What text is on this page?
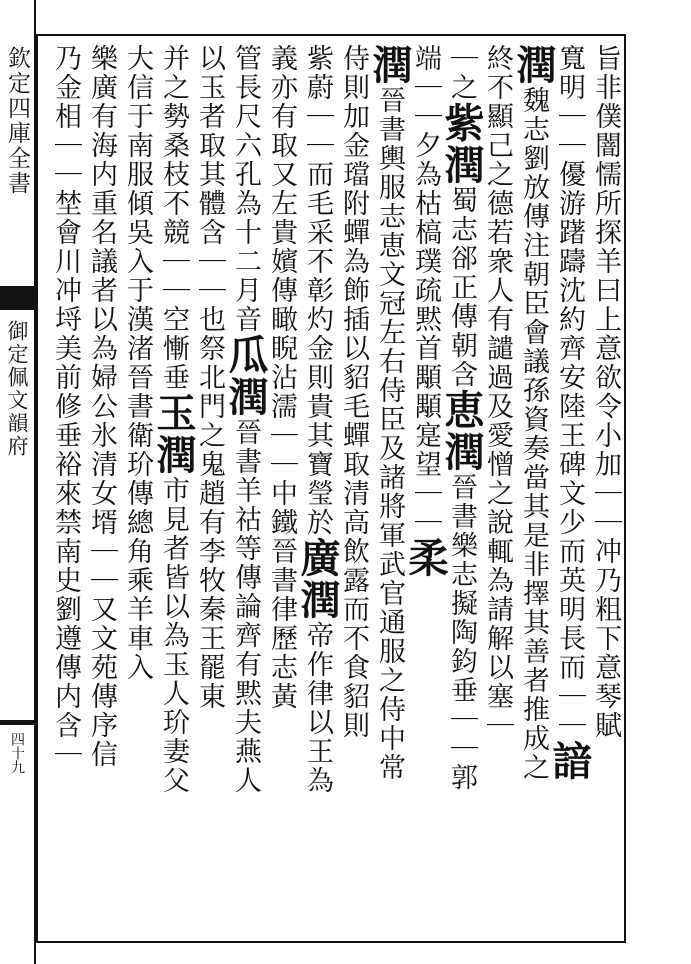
欽定四庫全書
御定佩文韻府
四十九
旨非僕闇懦所探羊曰上意欲令小加｜｜冲乃粗下意琴賦
寬明｜｜優游躇躊沈約齊安陸王碑文少而英明長而｜｜諳
潤魏志劉放傳注朝臣會議孫資奏當其是非擇其善者推成之
終不顯己之德若衆人有譴過及愛憎之說輒為請解以塞｜
｜之紫潤蜀志郤正傳朝含恵潤晉書樂志擬陶鈞垂｜｜郭
端｜｜夕為枯槁璞疏黙首顒顒寔望｜｜柔
潤晉書輿服志恵文冠左右侍臣及諸將軍武官通服之侍中常
侍則加金璫附蟬為飾插以貂毛蟬取清高飲露而不食貂則
紫蔚｜｜而毛采不彰灼金則貴其寶瑩於廣潤帝作律以王為
義亦有取又左貴嬪傳瞰睨沾濡｜｜中鐵晉書律歷志黃
管長尺六孔為十二月音瓜潤晉書羊祜等傳論齊有黙夫燕人
以玉者取其體含｜｜也祭北門之鬼趙有李牧秦王罷東
并之勢桑枝不競｜｜空慚垂玉潤市見者皆以為玉人玠妻父
大信于南服傾吳入于漢渚晉書衛玠傳總角乘羊車入
樂廣有海内重名議者以為婦公氷清女壻｜｜又文苑傳序信
乃金相｜｜埜會川冲埒美前修垂裕來禁南史劉遵傳内含｜
